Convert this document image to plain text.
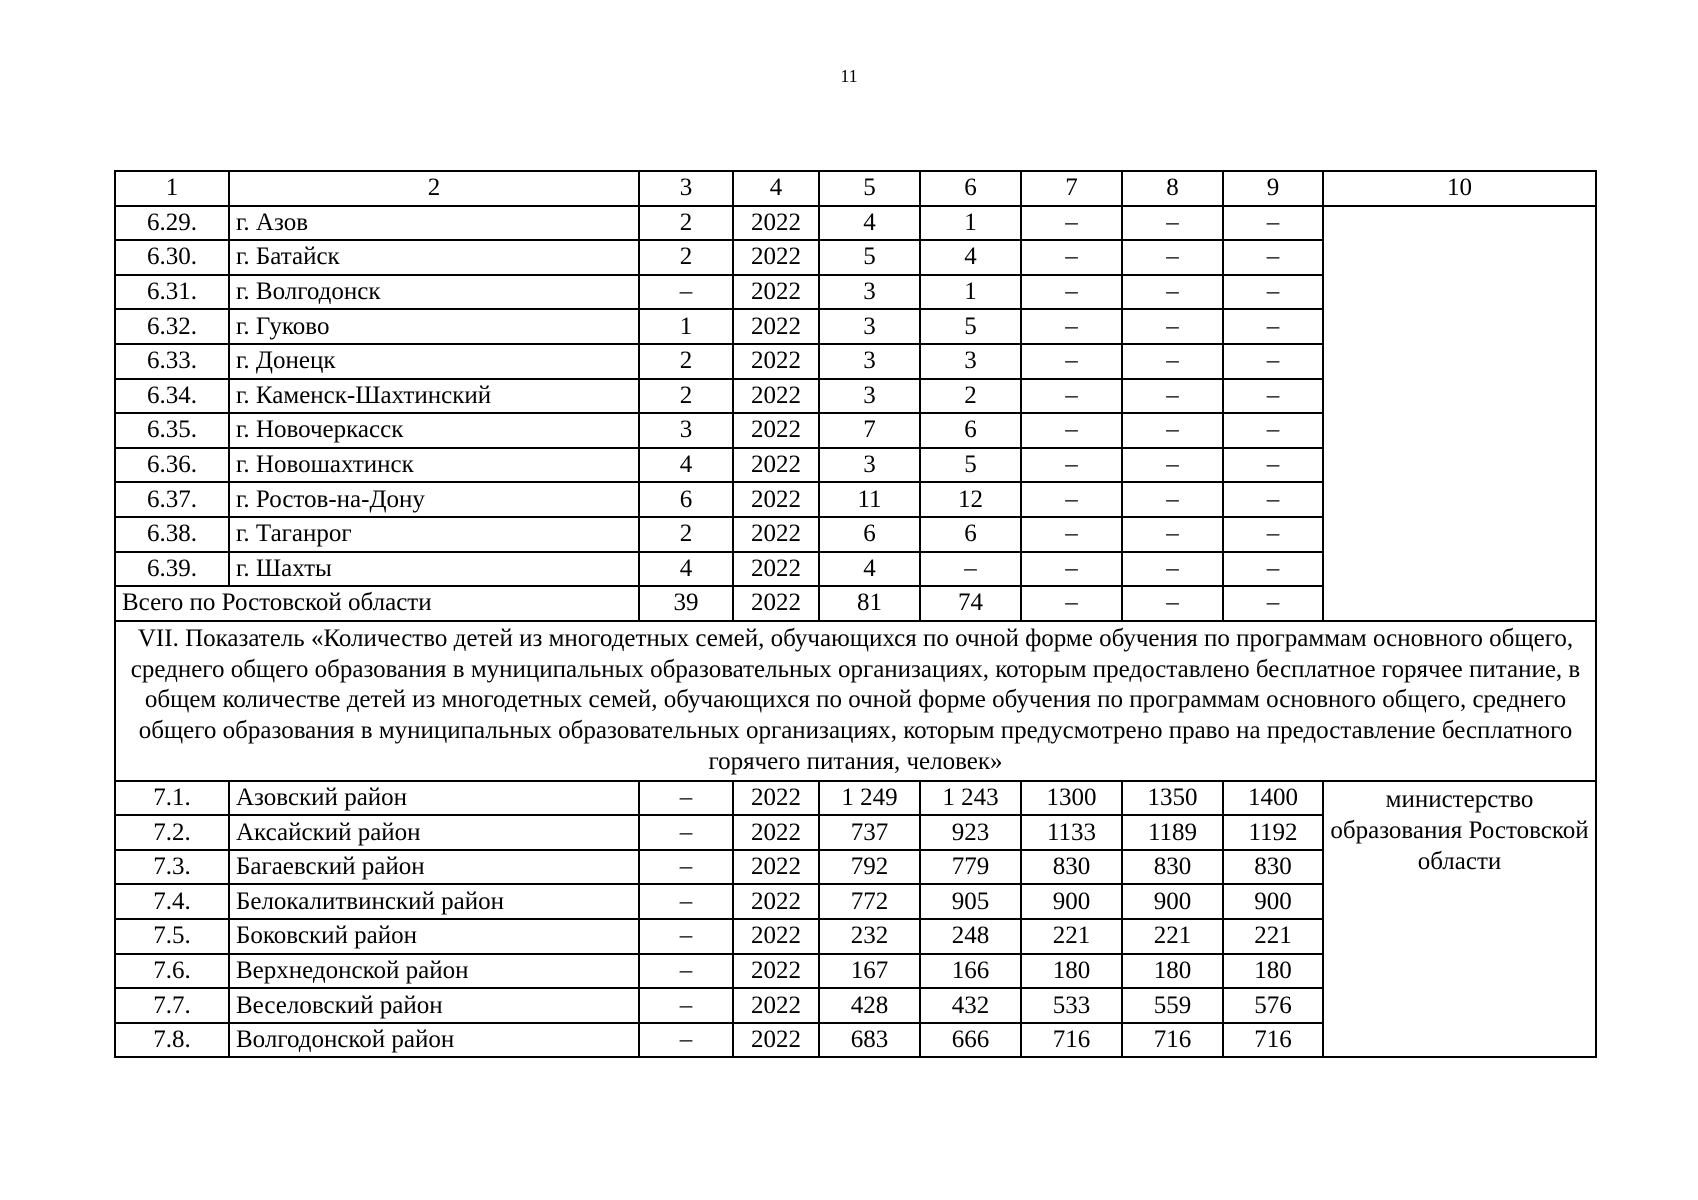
11
1	2	3	4	5	6	7	8	9	10
6.29.	г. Азов	2	2022	4	1	–	–	–	
6.30.	г. Батайск	2	2022	5	4	–	–	–	
6.31.	г. Волгодонск	–	2022	3	1	–	–	–	
6.32.	г. Гуково	1	2022	3	5	–	–	–	
6.33.	г. Донецк	2	2022	3	3	–	–	–	
6.34.	г. Каменск-Шахтинский	2	2022	3	2	–	–	–	
6.35.	г. Новочеркасск	3	2022	7	6	–	–	–	
6.36.	г. Новошахтинск	4	2022	3	5	–	–	–	
6.37.	г. Ростов-на-Дону	6	2022	11	12	–	–	–	
6.38.	г. Таганрог	2	2022	6	6	–	–	–	
6.39.	г. Шахты	4	2022	4	–	–	–	–	
Всего по Ростовской области		39	2022	81	74	–	–	–	
VII. Показатель «Количество детей из многодетных семей, обучающихся по очной форме обучения по программам основного общего, среднего общего образования в муниципальных образовательных организациях, которым предоставлено бесплатное горячее питание, в общем количестве детей из многодетных семей, обучающихся по очной форме обучения по программам основного общего, среднего общего образования в муниципальных образовательных организациях, которым предусмотрено право на предоставление бесплатного горячего питания, человек»									
7.1.	Азовский район	–	2022	1 249	1 243	1300	1350	1400	министерство образования Ростовской области
7.2.	Аксайский район	–	2022	737	923	1133	1189	1192	
7.3.	Багаевский район	–	2022	792	779	830	830	830	
7.4.	Белокалитвинский район	–	2022	772	905	900	900	900	
7.5.	Боковский район	–	2022	232	248	221	221	221	
7.6.	Верхнедонской район	–	2022	167	166	180	180	180	
7.7.	Веселовский район	–	2022	428	432	533	559	576	
7.8.	Волгодонской район	–	2022	683	666	716	716	716	
